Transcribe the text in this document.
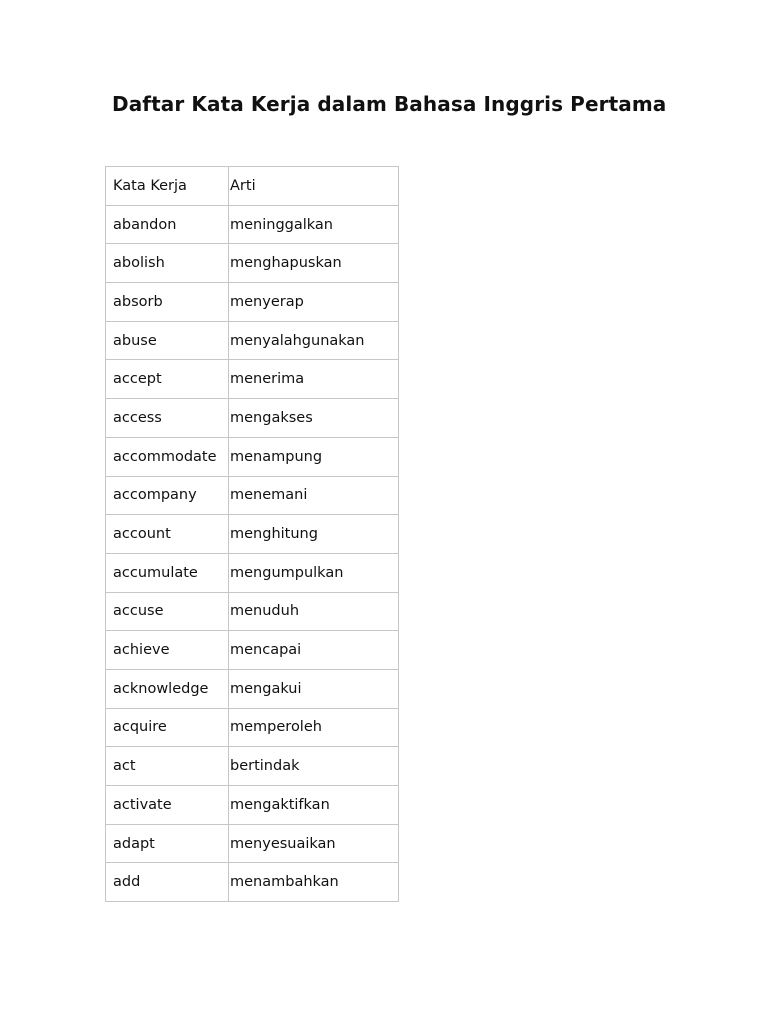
Daftar Kata Kerja dalam Bahasa Inggris Pertama
Kata Kerja	Arti
abandon	meninggalkan
abolish	menghapuskan
absorb	menyerap
abuse	menyalahgunakan
accept	menerima
access	mengakses
accommodate	menampung
accompany	menemani
account	menghitung
accumulate	mengumpulkan
accuse	menuduh
achieve	mencapai
acknowledge	mengakui
acquire	memperoleh
act	bertindak
activate	mengaktifkan
adapt	menyesuaikan
add	menambahkan
